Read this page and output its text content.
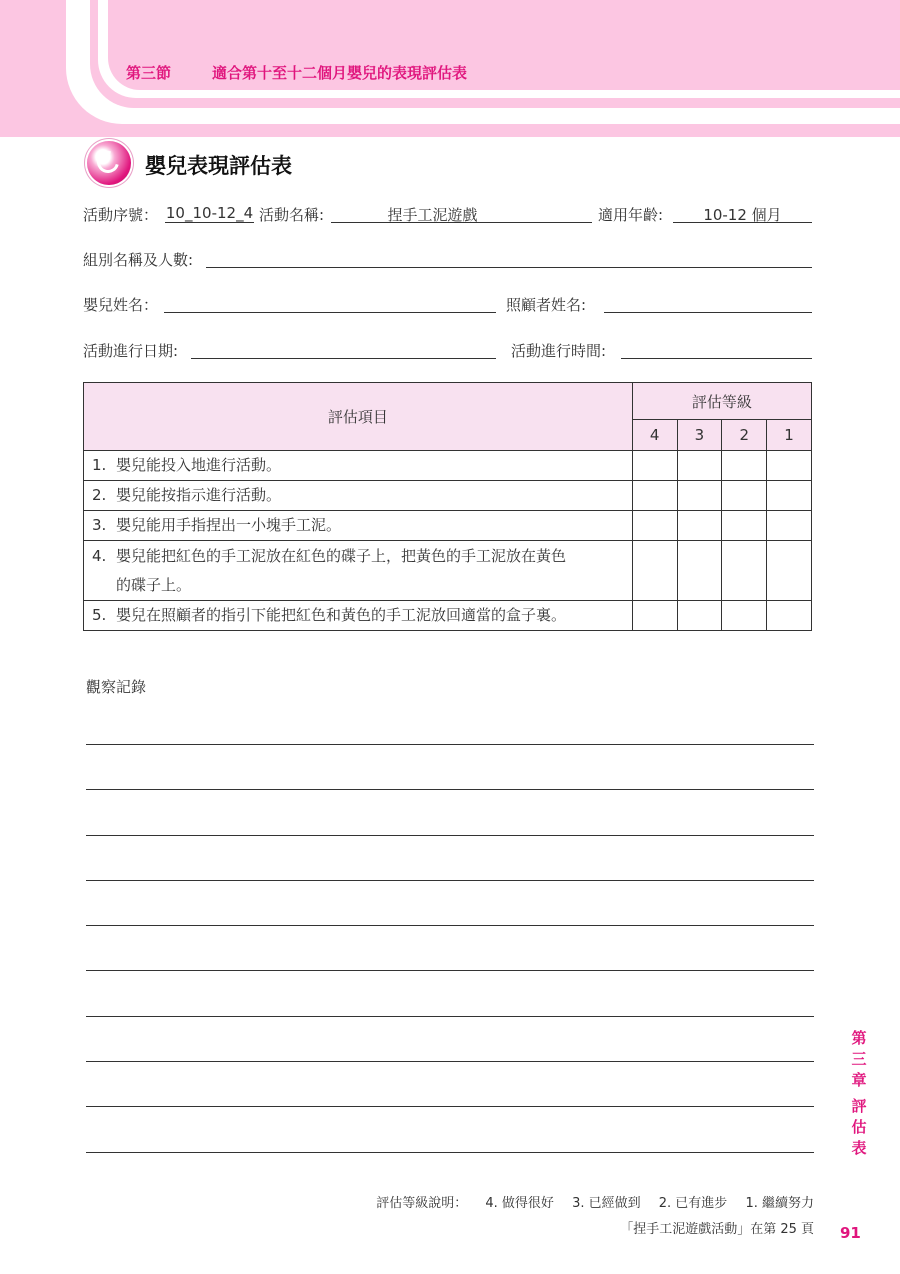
第三節	適合第十至十二個月嬰兒的表現評估表
嬰兒表現評估表
活動序號： 10_10-12_4 活動名稱:	捏手工泥遊戲	適用年齡:	10-12 個月
組別名稱及人數:
嬰兒姓名：	照顧者姓名:
活動進行日期:	活動進行時間:
評估項目	評估等級			
	4	3	2	1
1. 嬰兒能投入地進行活動。				
2. 嬰兒能按指示進行活動。				
3. 嬰兒能用手指捏出一小塊手工泥。				
4. 嬰兒能把紅色的手工泥放在紅色的碟子上，把黃色的手工泥放在黃色
的碟子上。				

5. 嬰兒在照顧者的指引下能把紅色和黃色的手工泥放回適當的盒子裏。				
觀察記錄
第
三
章
評
估
表
評估等級說明： 4. 做得很好 3. 已經做到 2. 已有進步 1. 繼續努力
「捏手工泥遊戲活動」在第 25 頁 91
